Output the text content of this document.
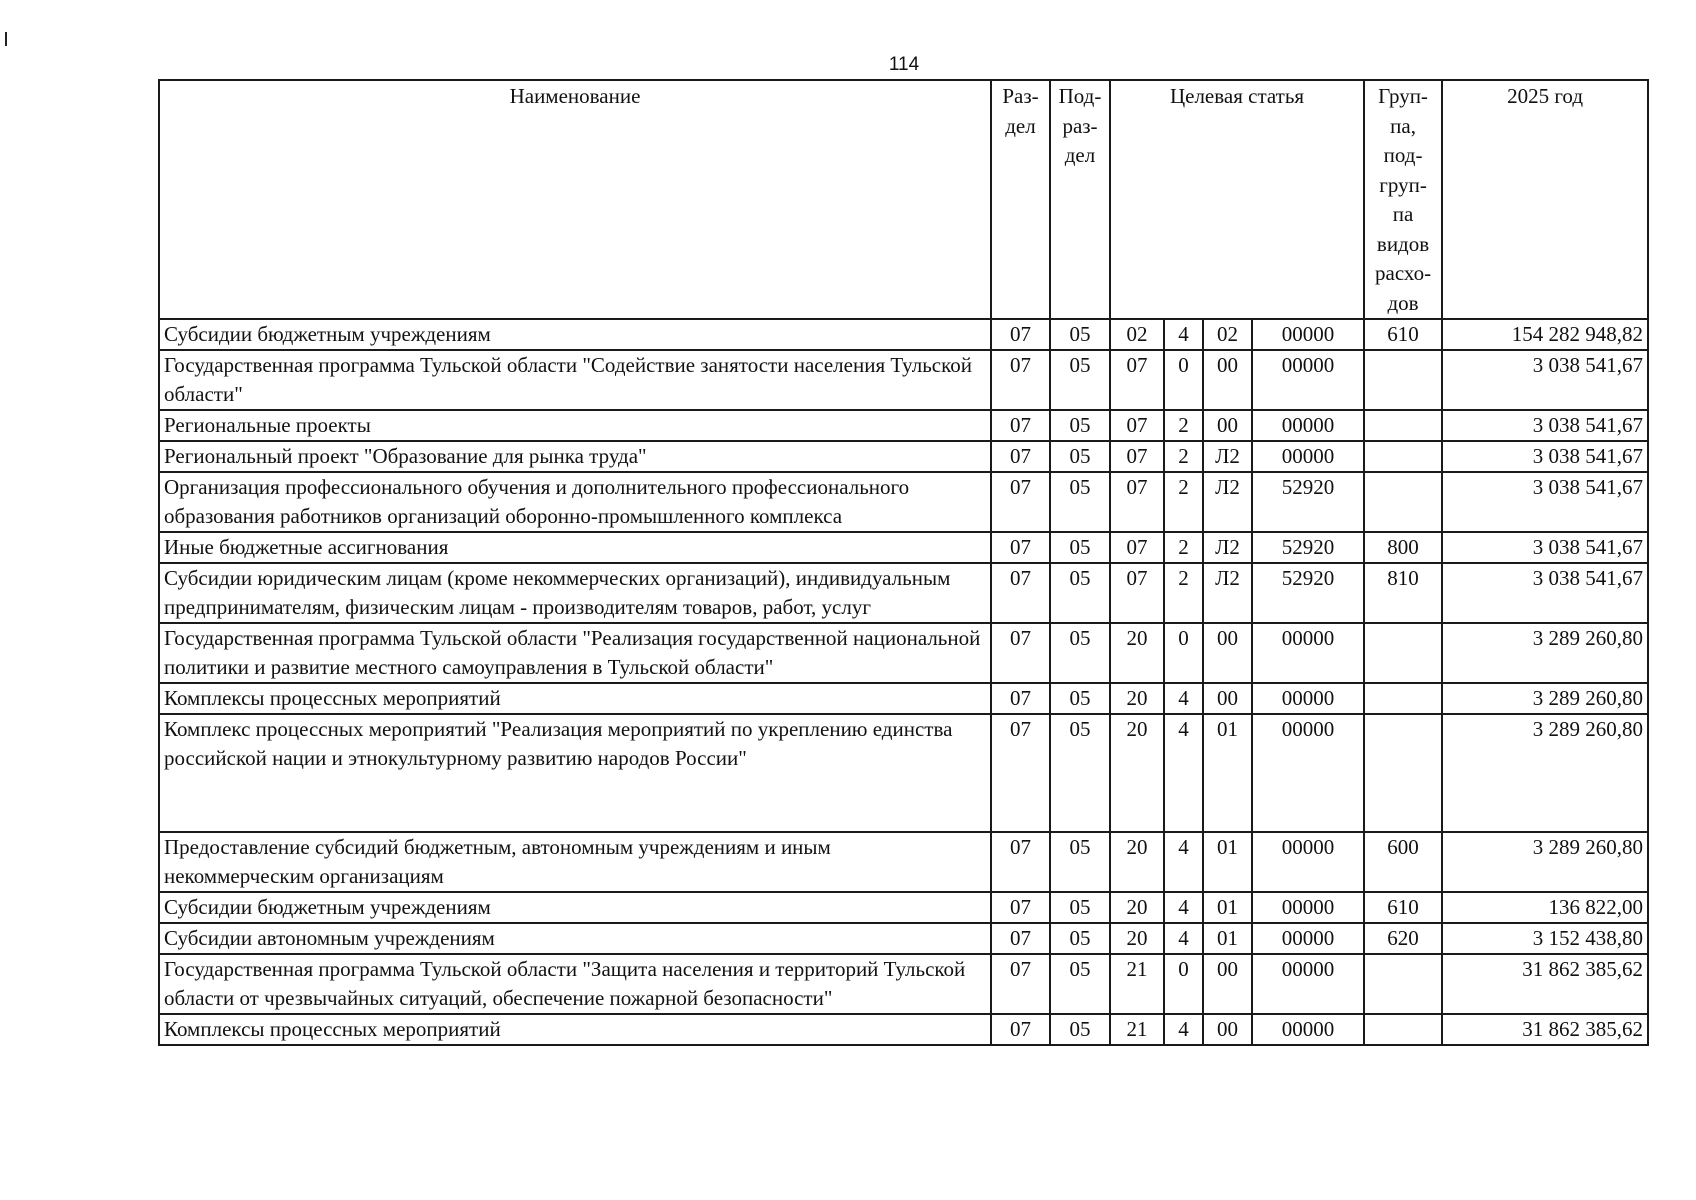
114
Наименование	Раз- дел	Под- раз- дел	Целевая статья				Груп- па, под- груп- па видов расхо- дов	2025 год
Субсидии бюджетным учреждениям	07	05	02	4	02	00000	610	154 282 948,82
Государственная программа Тульской области "Содействие занятости населения Тульской области"	07	05	07	0	00	00000		3 038 541,67
Региональные проекты	07	05	07	2	00	00000		3 038 541,67
Региональный проект "Образование для рынка труда"	07	05	07	2	Л2	00000		3 038 541,67
Организация профессионального обучения и дополнительного профессионального образования работников организаций оборонно-промышленного комплекса	07	05	07	2	Л2	52920		3 038 541,67
Иные бюджетные ассигнования	07	05	07	2	Л2	52920	800	3 038 541,67
Субсидии юридическим лицам (кроме некоммерческих организаций), индивидуальным предпринимателям, физическим лицам - производителям товаров, работ, услуг	07	05	07	2	Л2	52920	810	3 038 541,67
Государственная программа Тульской области "Реализация государственной национальной политики и развитие местного самоуправления в Тульской области"	07	05	20	0	00	00000		3 289 260,80
Комплексы процессных мероприятий	07	05	20	4	00	00000		3 289 260,80
Комплекс процессных мероприятий "Реализация мероприятий по укреплению единства российской нации и этнокультурному развитию народов России"	07	05	20	4	01	00000		3 289 260,80
Предоставление субсидий бюджетным, автономным учреждениям и иным некоммерческим организациям	07	05	20	4	01	00000	600	3 289 260,80
Субсидии бюджетным учреждениям	07	05	20	4	01	00000	610	136 822,00
Субсидии автономным учреждениям	07	05	20	4	01	00000	620	3 152 438,80
Государственная программа Тульской области "Защита населения и территорий Тульской области от чрезвычайных ситуаций, обеспечение пожарной безопасности"	07	05	21	0	00	00000		31 862 385,62
Комплексы процессных мероприятий	07	05	21	4	00	00000		31 862 385,62
